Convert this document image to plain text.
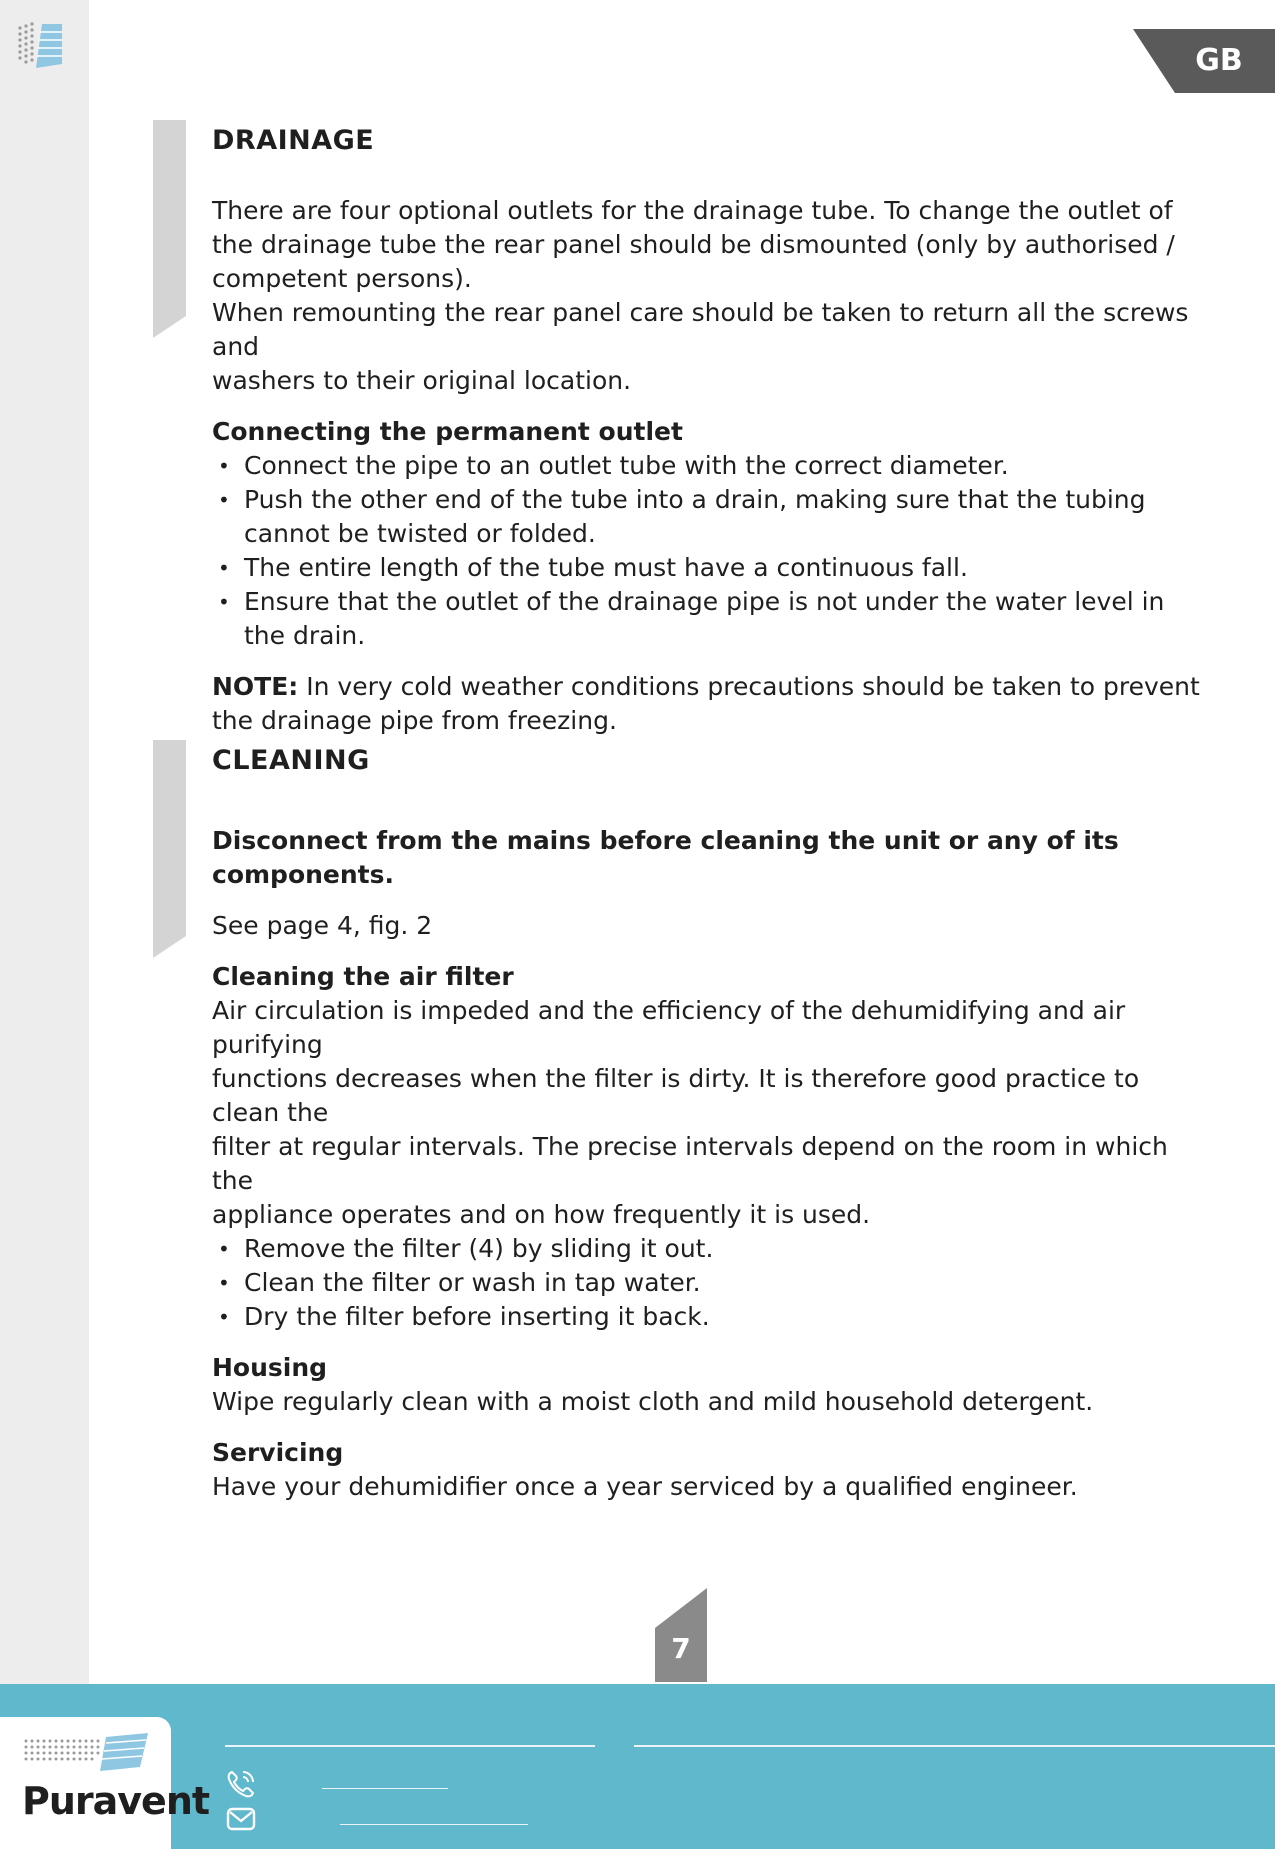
GB
DRAINAGE

There are four optional outlets for the drainage tube. To change the outlet of
the drainage tube the rear panel should be dismounted (only by authorised /
competent persons).
When remounting the rear panel care should be taken to return all the screws and
washers to their original location.

Connecting the permanent outlet

• Connect the pipe to an outlet tube with the correct diameter.
• Push the other end of the tube into a drain, making sure that the tubing cannot be twisted or folded.
• The entire length of the tube must have a continuous fall.
• Ensure that the outlet of the drainage pipe is not under the water level in the drain.

NOTE: In very cold weather conditions precautions should be taken to prevent the drainage pipe from freezing.

CLEANING

Disconnect from the mains before cleaning the unit or any of its components.

See page 4, fig. 2

Cleaning the air filter

Air circulation is impeded and the efficiency of the dehumidifying and air purifying
functions decreases when the filter is dirty. It is therefore good practice to clean the
filter at regular intervals. The precise intervals depend on the room in which the
appliance operates and on how frequently it is used.

• Remove the filter (4) by sliding it out.
• Clean the filter or wash in tap water.
• Dry the filter before inserting it back.

Housing

Wipe regularly clean with a moist cloth and mild household detergent.

Servicing

Have your dehumidifier once a year serviced by a qualified engineer.

7
Puravent
